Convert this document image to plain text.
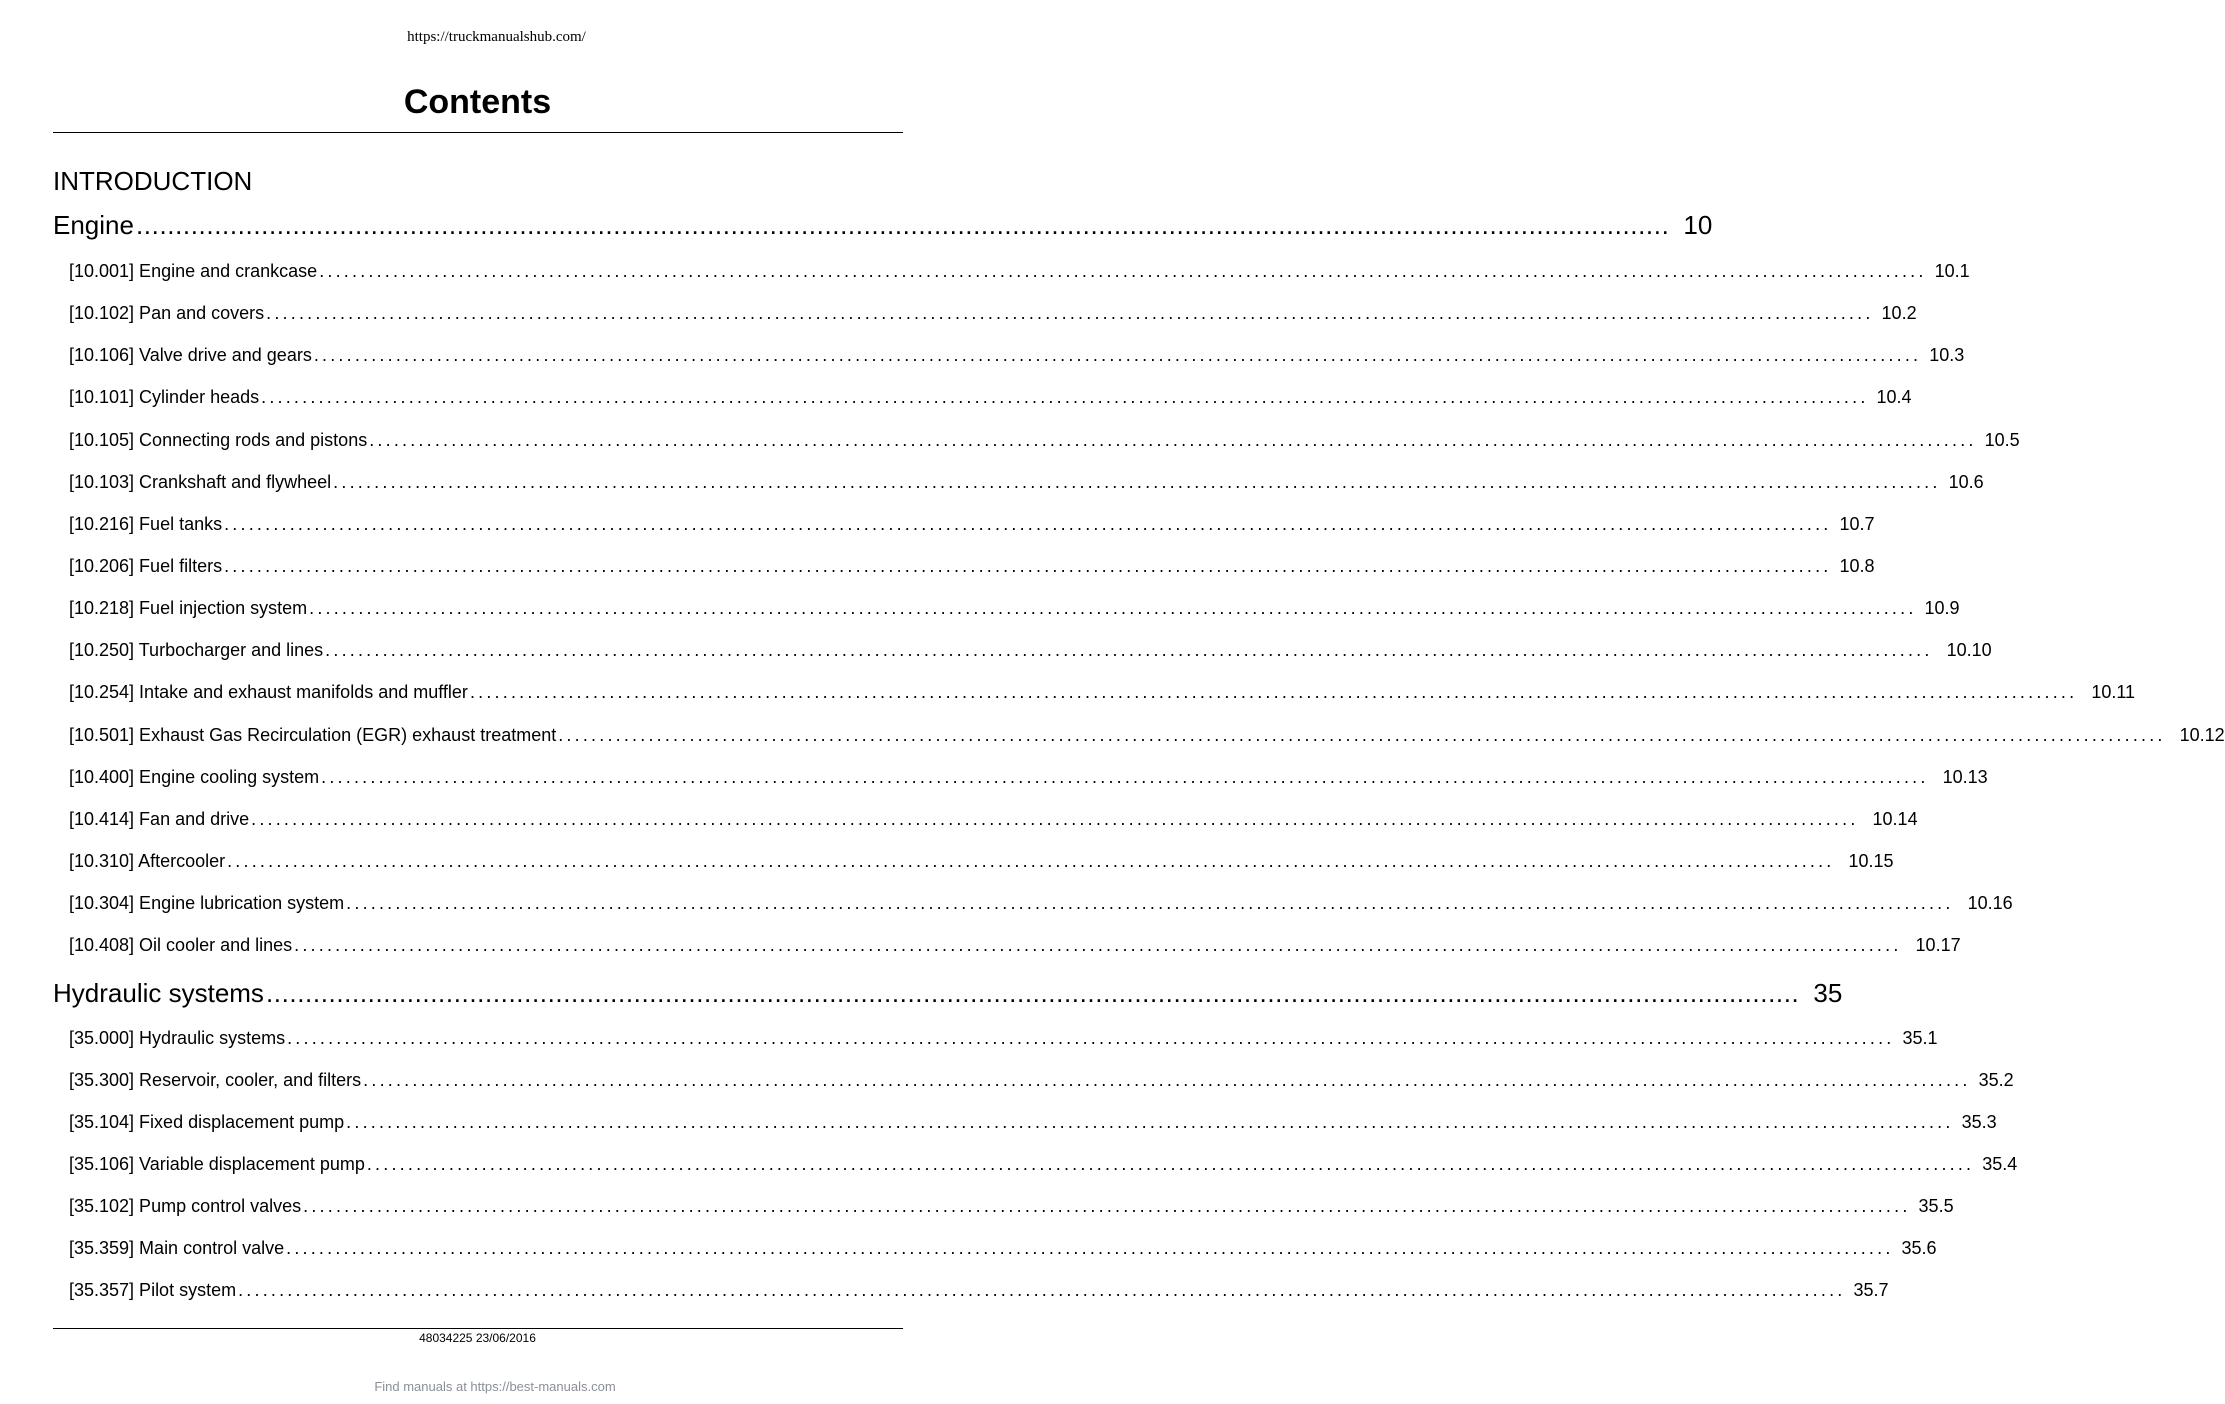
https://truckmanualshub.com/
Contents
INTRODUCTION
Engine .................................................................................................................................................................................................... 10
[10.001] Engine and crankcase .................................................................................................................................................................................................... 10.1
[10.102] Pan and covers .................................................................................................................................................................................................... 10.2
[10.106] Valve drive and gears .................................................................................................................................................................................................... 10.3
[10.101] Cylinder heads .................................................................................................................................................................................................... 10.4
[10.105] Connecting rods and pistons .................................................................................................................................................................................................... 10.5
[10.103] Crankshaft and flywheel .................................................................................................................................................................................................... 10.6
[10.216] Fuel tanks .................................................................................................................................................................................................... 10.7
[10.206] Fuel filters .................................................................................................................................................................................................... 10.8
[10.218] Fuel injection system .................................................................................................................................................................................................... 10.9
[10.250] Turbocharger and lines .................................................................................................................................................................................................... 10.10
[10.254] Intake and exhaust manifolds and muffler .................................................................................................................................................................................................... 10.11
[10.501] Exhaust Gas Recirculation (EGR) exhaust treatment .................................................................................................................................................................................................... 10.12
[10.400] Engine cooling system .................................................................................................................................................................................................... 10.13
[10.414] Fan and drive .................................................................................................................................................................................................... 10.14
[10.310] Aftercooler .................................................................................................................................................................................................... 10.15
[10.304] Engine lubrication system .................................................................................................................................................................................................... 10.16
[10.408] Oil cooler and lines .................................................................................................................................................................................................... 10.17
Hydraulic systems .................................................................................................................................................................................................... 35
[35.000] Hydraulic systems .................................................................................................................................................................................................... 35.1
[35.300] Reservoir, cooler, and filters .................................................................................................................................................................................................... 35.2
[35.104] Fixed displacement pump .................................................................................................................................................................................................... 35.3
[35.106] Variable displacement pump .................................................................................................................................................................................................... 35.4
[35.102] Pump control valves .................................................................................................................................................................................................... 35.5
[35.359] Main control valve .................................................................................................................................................................................................... 35.6
[35.357] Pilot system .................................................................................................................................................................................................... 35.7
48034225 23/06/2016
Find manuals at https://best-manuals.com
